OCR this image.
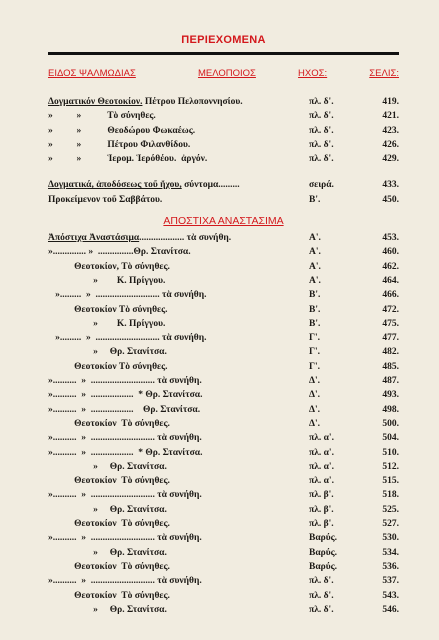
ΠΕΡΙΕΧΟΜΕΝΑ
ΕΙΔΟΣ ΨΑΛΜΩΔΙΑΣ	ΜΕΛΟΠΟΙΟΣ	ΗΧΟΣ:	ΣΕΛΙΣ:
Δογματικόν Θεοτοκίον. Πέτρου Πελοποννησίου.	πλ. δ'.	419.
»          »           Τὸ σύνηθες.	πλ. δ'.	421.
»          »           Θεοδώρου Φωκαέως.	πλ. δ'.	423.
»          »           Πέτρου Φιλανθίδου.	πλ. δ'.	426.
»          »           Ἱερομ. Ἱερόθέου.  ἀργόν.	πλ. δ'.	429.
Δογματικά, ἀποδόσεως τοῦ ἤχου, σύντομα.........	σειρά.	433.
Προκείμενον τοῦ Σαββάτου.	Β'.	450.
ΑΠΟΣΤΙΧΑ ΑΝΑΣΤΑΣΙΜΑ
Ἀπόστιχα Ἀναστάσιμα................... τὰ συνήθη.	Α'.	453.
».............. »  ...............Θρ. Στανίτσα.	Α'.	460.
Θεοτοκίον, Τὸ σύνηθες.	Α'.	462.
»        Κ. Πρίγγου.	Α'.	464.
».........  »  ........................... τὰ συνήθη.	Β'.	466.
Θεοτοκίον Τὸ σύνηθες.	Β'.	472.
»        Κ. Πρίγγου.	Β'.	475.
».........  »  ........................... τὰ συνήθη.	Γ'.	477.
»     Θρ. Στανίτσα.	Γ'.	482.
Θεοτοκίον Τὸ σύνηθες.	Γ'.	485.
»..........  »  ........................... τὰ συνήθη.	Δ'.	487.
»..........  »  ..................  * Θρ. Στανίτσα.	Δ'.	493.
»..........  »  ..................    Θρ. Στανίτσα.	Δ'.	498.
Θεοτοκίον  Τὸ σύνηθες.	Δ'.	500.
»..........  »  ........................... τὰ συνήθη.	πλ. α'.	504.
»..........  »  ..................  * Θρ. Στανίτσα.	πλ. α'.	510.
»     Θρ. Στανίτσα.	πλ. α'.	512.
Θεοτοκίον  Τὸ σύνηθες.	πλ. α'.	515.
»..........  »  ........................... τὰ συνήθη.	πλ. β'.	518.
»     Θρ. Στανίτσα.	πλ. β'.	525.
Θεοτοκίον  Τὸ σύνηθες.	πλ. β'.	527.
»..........  »  ........................... τὰ συνήθη.	Βαρύς.	530.
»     Θρ. Στανίτσα.	Βαρύς.	534.
Θεοτοκίον  Τὸ σύνηθες.	Βαρύς.	536.
»..........  »  ........................... τὰ συνήθη.	πλ. δ'.	537.
Θεοτοκίον  Τὸ σύνηθες.	πλ. δ'.	543.
»     Θρ. Στανίτσα.	πλ. δ'.	546.
